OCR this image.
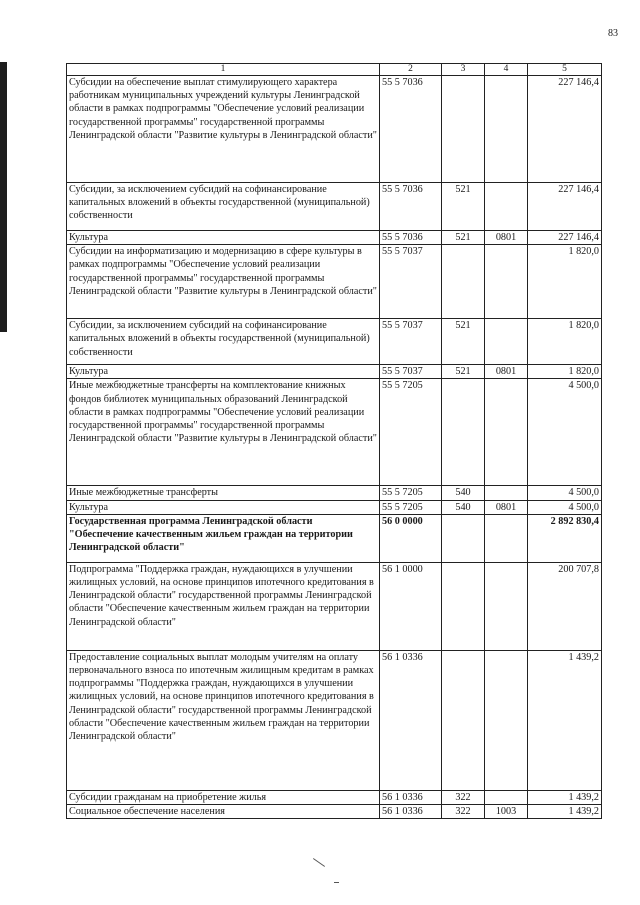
83
1	2	3	4	5
Субсидии на обеспечение выплат стимулирующего характера работникам муниципальных учреждений культуры Ленинградской области в рамках подпрограммы "Обеспечение условий реализации государственной программы" государственной программы Ленинградской области "Развитие культуры в Ленинградской области"	55 5 7036			227 146,4
Субсидии, за исключением субсидий на софинансирование капитальных вложений в объекты государственной (муниципальной) собственности	55 5 7036	521		227 146,4
Культура	55 5 7036	521	0801	227 146,4
Субсидии на информатизацию и модернизацию в сфере культуры в рамках подпрограммы "Обеспечение условий реализации государственной программы" государственной программы Ленинградской области "Развитие культуры в Ленинградской области"	55 5 7037			1 820,0
Субсидии, за исключением субсидий на софинансирование капитальных вложений в объекты государственной (муниципальной) собственности	55 5 7037	521		1 820,0
Культура	55 5 7037	521	0801	1 820,0
Иные межбюджетные трансферты на комплектование книжных фондов библиотек муниципальных образований Ленинградской области в рамках подпрограммы "Обеспечение условий реализации государственной программы" государственной программы Ленинградской области "Развитие культуры в Ленинградской области"	55 5 7205			4 500,0
Иные межбюджетные трансферты	55 5 7205	540		4 500,0
Культура	55 5 7205	540	0801	4 500,0
Государственная программа Ленинградской области "Обеспечение качественным жильем граждан на территории Ленинградской области"	56 0 0000			2 892 830,4
Подпрограмма "Поддержка граждан, нуждающихся в улучшении жилищных условий, на основе принципов ипотечного кредитования в Ленинградской области" государственной программы Ленинградской области "Обеспечение качественным жильем граждан на территории Ленинградской области"	56 1 0000			200 707,8
Предоставление социальных выплат молодым учителям на оплату первоначального взноса по ипотечным жилищным кредитам в рамках подпрограммы "Поддержка граждан, нуждающихся в улучшении жилищных условий, на основе принципов ипотечного кредитования в Ленинградской области" государственной программы Ленинградской области "Обеспечение качественным жильем граждан на территории Ленинградской области"	56 1 0336			1 439,2
Субсидии гражданам на приобретение жилья	56 1 0336	322		1 439,2
Социальное обеспечение населения	56 1 0336	322	1003	1 439,2
